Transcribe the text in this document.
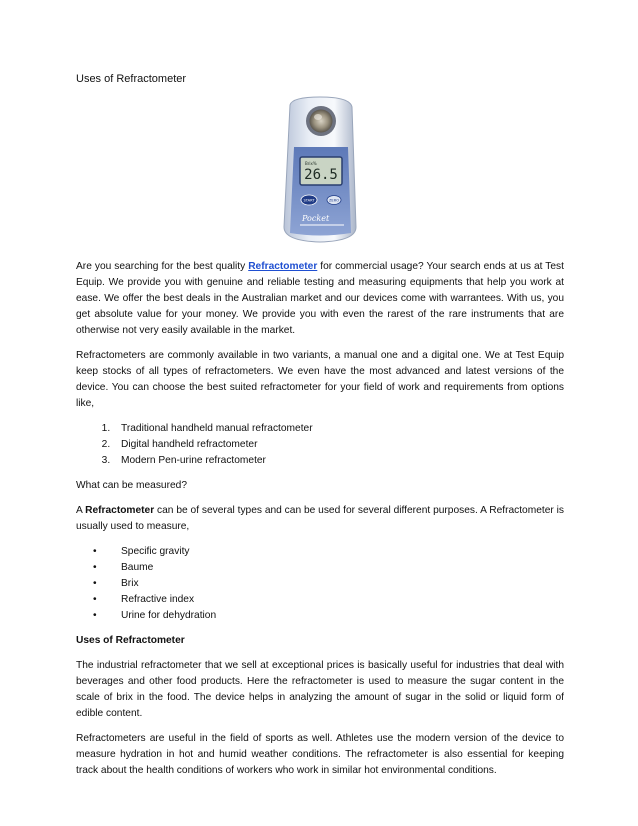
Uses of Refractometer
26.5
Brix%
START	ZERO
Pocket

Are you searching for the best quality Refractometer for commercial usage? Your search ends at us at Test Equip. We provide you with genuine and reliable testing and measuring equipments that help you work at ease. We offer the best deals in the Australian market and our devices come with warrantees. With us, you get absolute value for your money. We provide you with even the rarest of the rare instruments that are otherwise not very easily available in the market.

Refractometers are commonly available in two variants, a manual one and a digital one. We at Test Equip keep stocks of all types of refractometers. We even have the most advanced and latest versions of the device. You can choose the best suited refractometer for your field of work and requirements from options like,

1. Traditional handheld manual refractometer
2. Digital handheld refractometer
3. Modern Pen-urine refractometer

What can be measured?

A Refractometer can be of several types and can be used for several different purposes. A Refractometer is usually used to measure,

• Specific gravity
• Baume
• Brix
• Refractive index
• Urine for dehydration

Uses of Refractometer

The industrial refractometer that we sell at exceptional prices is basically useful for industries that deal with beverages and other food products. Here the refractometer is used to measure the sugar content in the scale of brix in the food. The device helps in analyzing the amount of sugar in the solid or liquid form of edible content.

Refractometers are useful in the field of sports as well. Athletes use the modern version of the device to measure hydration in hot and humid weather conditions. The refractometer is also essential for keeping track about the health conditions of workers who work in similar hot environmental conditions.
